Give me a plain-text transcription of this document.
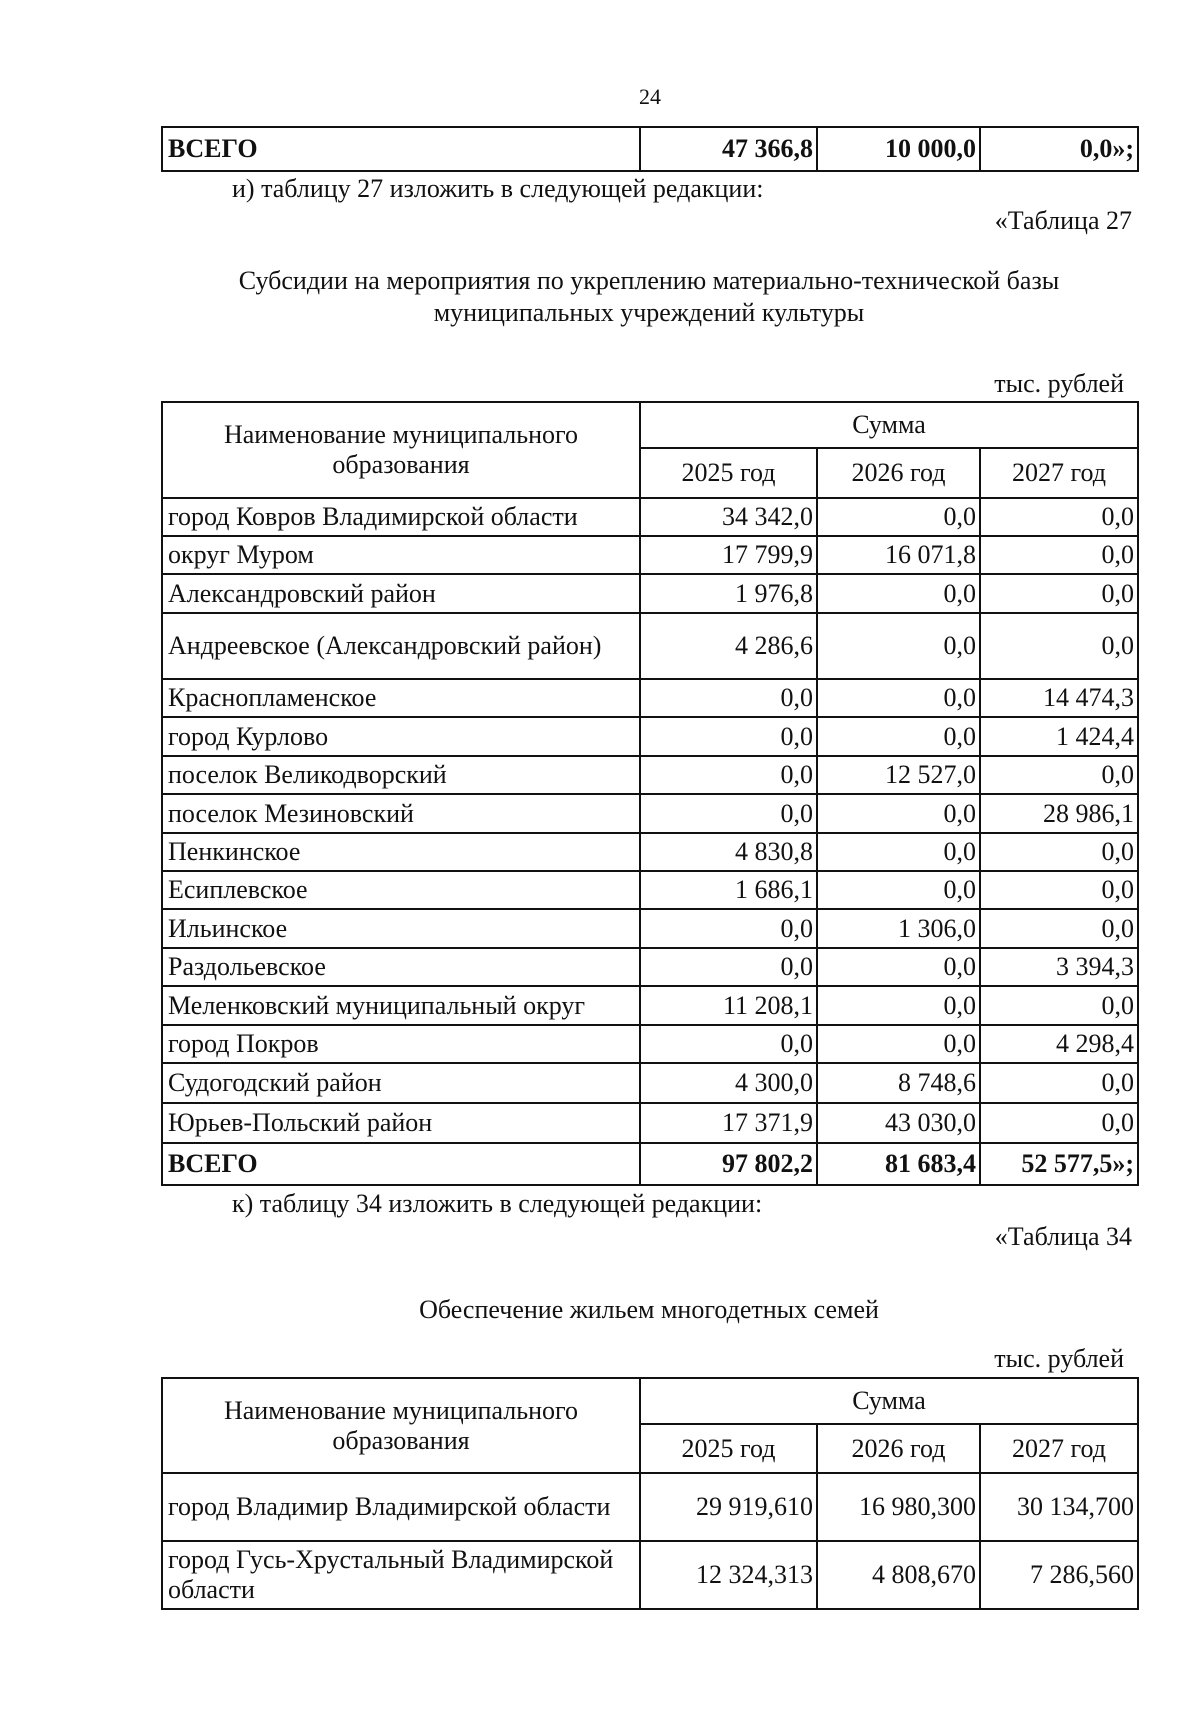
24
ВСЕГО	47 366,8	10 000,0	0,0»;
и) таблицу 27 изложить в следующей редакции:
«Таблица 27
Субсидии на мероприятия по укреплению материально-технической базы
муниципальных учреждений культуры
тыс. рублей
Наименование муниципального образования	Сумма		
	2025 год	2026 год	2027 год
город Ковров Владимирской области	34 342,0	0,0	0,0
округ Муром	17 799,9	16 071,8	0,0
Александровский район	1 976,8	0,0	0,0
Андреевское (Александровский район)	4 286,6	0,0	0,0
Краснопламенское	0,0	0,0	14 474,3
город Курлово	0,0	0,0	1 424,4
поселок Великодворский	0,0	12 527,0	0,0
поселок Мезиновский	0,0	0,0	28 986,1
Пенкинское	4 830,8	0,0	0,0
Есиплевское	1 686,1	0,0	0,0
Ильинское	0,0	1 306,0	0,0
Раздольевское	0,0	0,0	3 394,3
Меленковский муниципальный округ	11 208,1	0,0	0,0
город Покров	0,0	0,0	4 298,4
Судогодский район	4 300,0	8 748,6	0,0
Юрьев-Польский район	17 371,9	43 030,0	0,0
ВСЕГО	97 802,2	81 683,4	52 577,5»;
к) таблицу 34 изложить в следующей редакции:
«Таблица 34
Обеспечение жильем многодетных семей
тыс. рублей
Наименование муниципального образования	Сумма		
	2025 год	2026 год	2027 год
город Владимир Владимирской области	29 919,610	16 980,300	30 134,700
город Гусь-Хрустальный Владимирской области	12 324,313	4 808,670	7 286,560
